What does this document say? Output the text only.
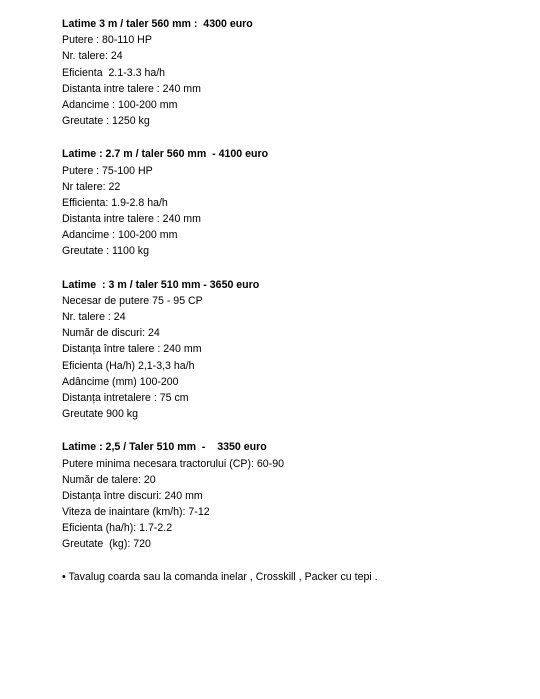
Latime 3 m / taler 560 mm :  4300 euro
Putere : 80-110 HP
Nr. talere: 24
Eficienta  2.1-3.3 ha/h
Distanta intre talere : 240 mm
Adancime : 100-200 mm
Greutate : 1250 kg
Latime : 2.7 m / taler 560 mm  - 4100 euro
Putere : 75-100 HP
Nr talere: 22
Efficienta: 1.9-2.8 ha/h
Distanta intre talere : 240 mm
Adancime : 100-200 mm
Greutate : 1100 kg
Latime  : 3 m / taler 510 mm - 3650 euro
Necesar de putere 75 - 95 CP
Nr. talere : 24
Număr de discuri: 24
Distanța între talere : 240 mm
Eficienta (Ha/h) 2,1-3,3 ha/h
Adâncime (mm) 100-200
Distanța intretalere : 75 cm
Greutate 900 kg
Latime : 2,5 / Taler 510 mm  -    3350 euro
Putere minima necesara tractorului (CP): 60-90
Număr de talere: 20
Distanța între discuri: 240 mm
Viteza de inaintare (km/h): 7-12
Eficienta (ha/h): 1.7-2.2
Greutate  (kg): 720
• Tavalug coarda sau la comanda inelar , Crosskill , Packer cu tepi .
